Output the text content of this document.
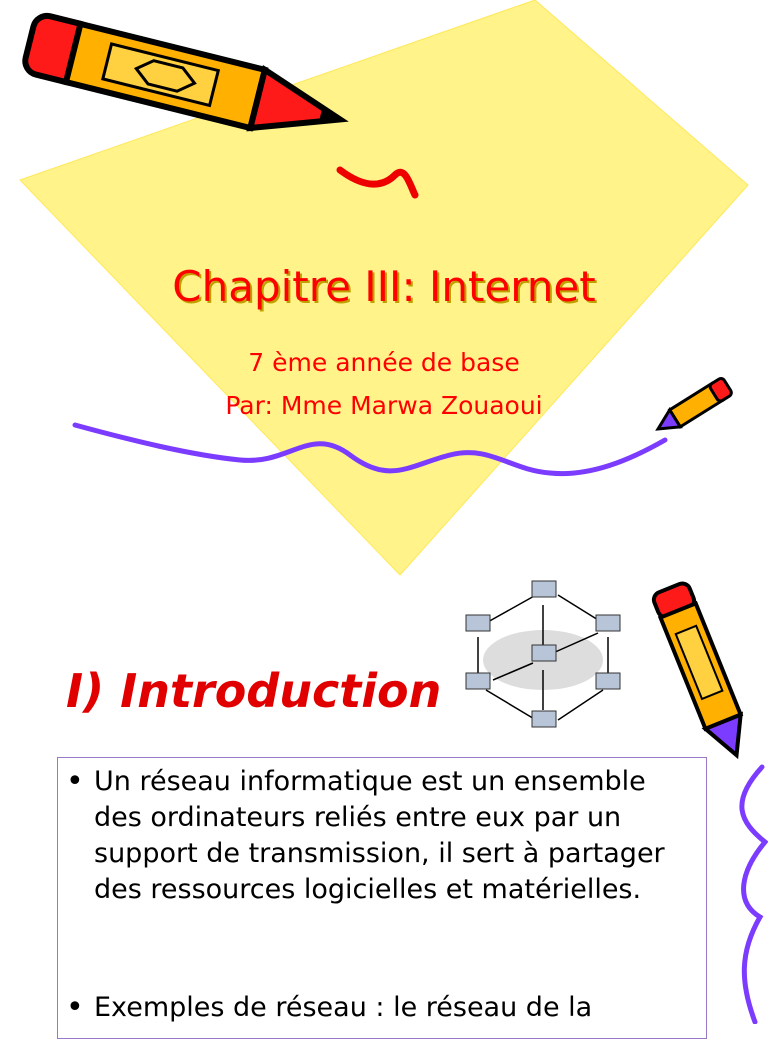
Chapitre III: Internet
7 ème année de base
Par: Mme Marwa Zouaoui
I) Introduction
• Un réseau informatique est un ensemble des ordinateurs reliés entre eux par un support de transmission, il sert à partager des ressources logicielles et matérielles.
• Exemples de réseau : le réseau de la
